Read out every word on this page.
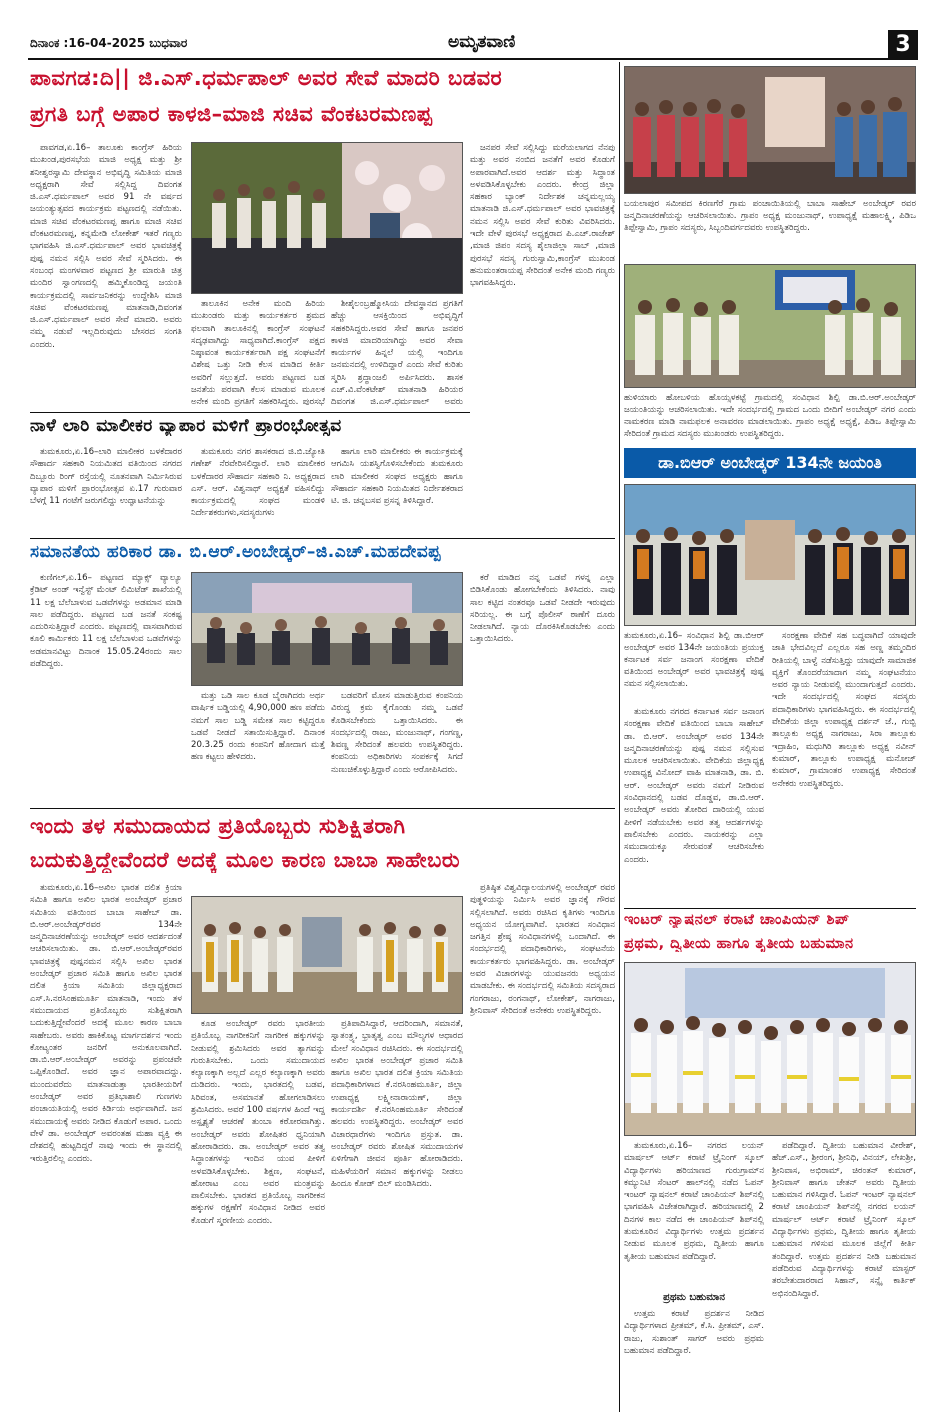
ದಿನಾಂಕ :16-04-2025 ಬುಧವಾರ	ಅಮೃತವಾಣಿ	3
ಪಾವಗಡ:ದಿ|| ಜಿ.ಎಸ್.ಧರ್ಮಪಾಲ್ ಅವರ ಸೇವೆ ಮಾದರಿ ಬಡವರ
ಪ್ರಗತಿ ಬಗ್ಗೆ ಅಪಾರ ಕಾಳಜಿ–ಮಾಜಿ ಸಚಿವ ವೆಂಕಟರಮಣಪ್ಪ

ಪಾವಗಡ,ಏ.16– ತಾಲೂಕು ಕಾಂಗ್ರೆಸ್ ಹಿರಿಯ ಮುಖಂಡ,ಪುರಸಭೆಯ ಮಾಜಿ ಅಧ್ಯಕ್ಷ ಮತ್ತು ಶ್ರೀ ಶನೀಶ್ವರಸ್ವಾಮಿ ದೇವಸ್ಥಾನ ಅಭಿವೃದ್ಧಿ ಸಮಿತಿಯ ಮಾಜಿ ಅಧ್ಯಕ್ಷರಾಗಿ ಸೇವೆ ಸಲ್ಲಿಸಿದ್ದ ದಿವಂಗತ ಜಿ.ಎಸ್.ಧರ್ಮಪಾಲ್ ಅವರ 91 ನೇ ವರ್ಷದ ಜಯಂತ್ಯುತ್ಸವದ ಕಾರ್ಯಕ್ರಮ ಪಟ್ಟಣದಲ್ಲಿ ನಡೆಯಿತು. ಮಾಜಿ ಸಚಿವ ವೆಂಕಟರಮಣಪ್ಪ ಹಾಗೂ ಮಾಜಿ ಸಚಿವ ವೆಂಕಟರಮಣಪ್ಪ, ಕನ್ನಮೇಡಿ ಲೋಕೇಶ್ ಇತರೆ ಗಣ್ಯರು ಭಾಗವಹಿಸಿ ಜಿ.ಎಸ್.ಧರ್ಮಪಾಲ್ ಅವರ ಭಾವಚಿತ್ರಕ್ಕೆ ಪುಷ್ಪ ನಮನ ಸಲ್ಲಿಸಿ ಅವರ ಸೇವೆ ಸ್ಮರಿಸಿದರು. ಈ ಸಂಬಂಧ ಮಂಗಳವಾರ ಪಟ್ಟಣದ ಶ್ರೀ ಮಾರುತಿ ಚಿತ್ರ ಮಂದಿರ ಸ್ವಾಂಗಣದಲ್ಲಿ ಹಮ್ಮಿಕೊಂಡಿದ್ದ ಜಯಂತಿ ಕಾರ್ಯಕ್ರಮದಲ್ಲಿ ಸಾರ್ವಜನಿಕರನ್ನು ಉದ್ದೇಶಿಸಿ ಮಾಜಿ ಸಚಿವ ವೆಂಕಟರಮಣಪ್ಪ ಮಾತನಾಡಿ,ದಿವಂಗತ ಜಿ.ಎಸ್.ಧರ್ಮಪಾಲ್ ಅವರ ಸೇವೆ ಮಾದರಿ. ಅವರು ನಮ್ಮ ನಡುವೆ ಇಲ್ಲದಿರುವುದು ಬೇಸರದ ಸಂಗತಿ ಎಂದರು.

ತಾಲೂಕಿನ ಅನೇಕ ಮಂದಿ ಹಿರಿಯ ಮುಖಂಡರು ಮತ್ತು ಕಾರ್ಯಕರ್ತರ ಶ್ರಮದ ಫಲವಾಗಿ ತಾಲೂಕಿನಲ್ಲಿ ಕಾಂಗ್ರೆಸ್ ಸಂಘಟನೆ ಸದೃಢವಾಗಿದ್ದು ಸಾಧ್ಯವಾಗಿದೆ.ಕಾಂಗ್ರೆಸ್ ಪಕ್ಷದ ನಿಷ್ಠಾವಂತ ಕಾರ್ಯಕರ್ತರಾಗಿ ಪಕ್ಷ ಸಂಘಟನೆಗೆ ವಿಶೇಷ ಒತ್ತು ನೀಡಿ ಕೆಲಸ ಮಾಡಿದ ಕೀರ್ತಿ ಅವರಿಗೆ ಸಲ್ಲುತ್ತದೆ. ಅವರು ಪಟ್ಟಣದ ಬಡ ಜನತೆಯ ಪರವಾಗಿ ಕೆಲಸ ಮಾಡುವ ಮೂಲಕ ಅನೇಕ ಮಂದಿ ಪ್ರಗತಿಗೆ ಸಹಕರಿಸಿದ್ದರು. ಪುರಸಭೆ

ಶೀಶೈಲಂಬ್ರಹ್ಮೋಸಿಯ ದೇವಸ್ಥಾನದ ಪ್ರಗತಿಗೆ ಹೆಚ್ಚು ಆಸಕ್ತಿಯಿಂದ ಅಭಿವೃದ್ಧಿಗೆ ಸಹಕರಿಸಿದ್ದರು.ಅವರ ಸೇವೆ ಹಾಗೂ ಜನಪರ ಕಾಳಜಿ ಮಾದರಿಯಾಗಿದ್ದು ಅವರ ಸೇವಾ ಕಾರ್ಯಗಳ ಹಿನ್ನಲೆ ಯಲ್ಲಿ ಇಂದಿಗೂ ಜನಮನದಲ್ಲಿ ಉಳಿದಿದ್ದಾರೆ ಎಂದು ಸೇವೆ ಕುರಿತು ಸ್ಮರಿಸಿ ಶ್ರದ್ಧಾಂಜಲಿ ಅರ್ಪಿಸಿದರು. ಶಾಸಕ ಎಚ್.ವಿ.ವೆಂಕಟೇಶ್ ಮಾತನಾಡಿ ಹಿರಿಯರ ದಿವಂಗತ ಜಿ.ಎಸ್.ಧರ್ಮಪಾಲ್ ಅವರು

ಜನಪರ ಸೇವೆ ಸಲ್ಲಿಸಿದ್ದು ಮರೆಯಲಾಗದ ನೆನಪು ಮತ್ತು ಅವರ ನಂಬಿದ ಜನತೆಗೆ ಅವರ ಕೊಡುಗೆ ಅಪಾರವಾಗಿದೆ.ಅವರ ಆದರ್ಶ ಮತ್ತು ಸಿದ್ಧಾಂತ ಅಳವಡಿಸಿಕೊಳ್ಳಬೇಕು ಎಂದರು. ಕೇಂದ್ರ ಜಿಲ್ಲಾ ಸಹಕಾರ ಬ್ಯಾಂಕ್ ನಿರ್ದೇಶಕ ಚನ್ನಮಲ್ಲಯ್ಯ ಮಾತನಾಡಿ ಜಿ.ಎಸ್.ಧರ್ಮಪಾಲ್ ಅವರ ಭಾವಚಿತ್ರಕ್ಕೆ ನಮನ ಸಲ್ಲಿಸಿ ಅವರ ಸೇವೆ ಕುರಿತು ವಿವರಿಸಿದರು. ಇದೇ ವೇಳೆ ಪುರಸಭೆ ಅಧ್ಯಕ್ಷರಾದ ಪಿ.ಎಚ್.ರಾಜೇಶ್ ,ಮಾಜಿ ಜಿಪಂ ಸದಸ್ಯ ಶೈಲಾಜಿಲ್ಲಾ ಸಾಬ್ ,ಮಾಜಿ ಪುರಸಭೆ ಸದಸ್ಯ ಗುರುಸ್ವಾಮಿ,ಕಾಂಗ್ರೆಸ್ ಮುಖಂಡ ಹನುಮಂತರಾಯಪ್ಪ ಸೇರಿದಂತೆ ಅನೇಕ ಮಂದಿ ಗಣ್ಯರು ಭಾಗವಹಿಸಿದ್ದರು.

ನಾಳೆ ಲಾರಿ ಮಾಲೀಕರ ವ್ಯಾಪಾರ ಮಳಿಗೆ ಪ್ರಾರಂಭೋತ್ಸವ

ತುಮಕೂರು,ಏ.16–ಲಾರಿ ಮಾಲೀಕರ ಬಳಕೆದಾರರ ಸೌಹಾರ್ದ ಸಹಕಾರಿ ನಿಯಮಿತದ ವತಿಯಿಂದ ನಗರದ ದಿಬ್ಬೂರು ರಿಂಗ್ ರಸ್ತೆಯಲ್ಲಿ ನೂತನವಾಗಿ ನಿರ್ಮಿಸಿರುವ ವ್ಯಾಪಾರ ಮಳಿಗೆ ಪ್ರಾರಂಭೋತ್ಸವ ಏ.17 ಗುರುವಾರ ಬೆಳಗ್ಗೆ 11 ಗಂಟೆಗೆ ಜರುಗಲಿದ್ದು ಉದ್ಘಾಟನೆಯನ್ನು

ತುಮಕೂರು ನಗರ ಶಾಸಕರಾದ ಜಿ.ಬಿ.ಜ್ಯೋತಿ ಗಣೇಶ್ ನೆರವೇರಿಸಲಿದ್ದಾರೆ. ಲಾರಿ ಮಾಲೀಕರ ಬಳಕೆದಾರರ ಸೌಹಾರ್ದ ಸಹಕಾರಿ ನಿ. ಅಧ್ಯಕ್ಷರಾದ ಎಸ್. ಆರ್. ವಿಶ್ವನಾಥ್ ಅಧ್ಯಕ್ಷತೆ ವಹಿಸಲಿದ್ದು ಕಾರ್ಯಕ್ರಮದಲ್ಲಿ ಸಂಘದ ಮಂಡಳಿ ನಿರ್ದೇಶಕರುಗಳು,ಸದಸ್ಯರುಗಳು

ಹಾಗೂ ಲಾರಿ ಮಾಲೀಕರು ಈ ಕಾರ್ಯಕ್ರಮಕ್ಕೆ ಆಗಮಿಸಿ ಯಶಸ್ವಿಗೊಳಿಸಬೇಕೆಂದು ತುಮಕೂರು ಲಾರಿ ಮಾಲೀಕರ ಸಂಘದ ಅಧ್ಯಕ್ಷರು ಹಾಗೂ ಸೌಹಾರ್ದ ಸಹಕಾರಿ ನಿಯಮಿತದ ನಿರ್ದೇಶಕರಾದ ಟಿ. ಜಿ. ಚನ್ನಬಸವ ಪ್ರಸನ್ನ ತಿಳಿಸಿದ್ದಾರೆ.

ಸಮಾನತೆಯ ಹರಿಕಾರ ಡಾ. ಬಿ.ಆರ್.ಅಂಬೇಡ್ಕರ್–ಜಿ.ಎಚ್.ಮಹದೇವಪ್ಪ

ಕುಣಿಗಲ್,ಏ.16– ಪಟ್ಟಣದ ಮ್ಯಾಕ್ಸ್ ವ್ಯಾಲ್ಯೂ ಕ್ರೆಡಿಟ್ ಅಂಡ್ ಇನ್ವೆಸ್ಟ್ ಮೆಂಟ್ ಲಿಮಿಟೆಡ್ ಶಾಖೆಯಲ್ಲಿ 11 ಲಕ್ಷ ಬೆಲೆಬಾಳುವ ಒಡವೆಗಳನ್ನು ಅಡಮಾನ ಮಾಡಿ ಸಾಲ ಪಡೆದಿದ್ದರು. ಪಟ್ಟಣದ ಬಡ ಜನತೆ ಸಂಕಷ್ಟ ಎದುರಿಸುತ್ತಿದ್ದಾರೆ ಎಂದರು. ಪಟ್ಟಣದಲ್ಲಿ ವಾಸವಾಗಿರುವ ಕೂಲಿ ಕಾರ್ಮಿಕರು 11 ಲಕ್ಷ ಬೆಲೆಬಾಳುವ ಒಡವೆಗಳನ್ನು ಅಡಮಾನವಿಟ್ಟು ದಿನಾಂಕ 15.05.24ರಂದು ಸಾಲ ಪಡೆದಿದ್ದರು.

ಮತ್ತು ಒಡಿ ಸಾಲ ಕೂಡ ಬೈರಾಗಿದರು ಅರ್ಥ ವಾರ್ಷಿಕ ಬಡ್ಡಿಯಲ್ಲಿ 4,90,000 ಹಣ ಪಡೆದು ನಮಗೆ ಸಾಲ ಬಡ್ಡಿ ಸಮೇತ ಸಾಲ ಕಟ್ಟಿದ್ದರೂ ಒಡವೆ ನೀಡದೆ ಸತಾಯಿಸುತ್ತಿದ್ದಾರೆ. ದಿನಾಂಕ 20.3.25 ರಂದು ಕಂಪನಿಗೆ ಹೋದಾಗ ಮತ್ತೆ ಹಣ ಕಟ್ಟಲು ಹೇಳಿದರು.

ಬಡವರಿಗೆ ಮೋಸ ಮಾಡುತ್ತಿರುವ ಕಂಪನಿಯ ವಿರುದ್ಧ ಕ್ರಮ ಕೈಗೊಂಡು ನಮ್ಮ ಒಡವೆ ಕೊಡಿಸಬೇಕೆಂದು ಒತ್ತಾಯಿಸಿದರು. ಈ ಸಂದರ್ಭದಲ್ಲಿ ರಾಜು, ಮಂಜುನಾಥ್, ಗಂಗಣ್ಣ, ಶಿವಣ್ಣ ಸೇರಿದಂತೆ ಹಲವರು ಉಪಸ್ಥಿತರಿದ್ದರು. ಕಂಪನಿಯ ಅಧಿಕಾರಿಗಳು ಸಂಪರ್ಕಕ್ಕೆ ಸಿಗದೆ ನುಣುಚಿಕೊಳ್ಳುತ್ತಿದ್ದಾರೆ ಎಂದು ಆರೋಪಿಸಿದರು.

ಕರೆ ಮಾಡಿದ ನನ್ನ ಒಡವೆ ಗಳನ್ನ ಎಲ್ಲಾ ಬಿಡಿಸಿಕೊಂಡು ಹೋಗಬೇಕೆಂದು ತಿಳಿಸಿದರು. ನಾವು ಸಾಲ ಕಟ್ಟಿದ ನಂತರವೂ ಒಡವೆ ನೀಡದೇ ಇರುವುದು ಸರಿಯಲ್ಲ. ಈ ಬಗ್ಗೆ ಪೊಲೀಸ್ ಠಾಣೆಗೆ ದೂರು ನೀಡಲಾಗಿದೆ. ನ್ಯಾಯ ದೊರಕಿಸಿಕೊಡಬೇಕು ಎಂದು ಒತ್ತಾಯಿಸಿದರು.

ಇಂದು ತಳ ಸಮುದಾಯದ ಪ್ರತಿಯೊಬ್ಬರು ಸುಶಿಕ್ಷಿತರಾಗಿ
ಬದುಕುತ್ತಿದ್ದೇವೆಂದರೆ ಅದಕ್ಕೆ ಮೂಲ ಕಾರಣ ಬಾಬಾ ಸಾಹೇಬರು

ತುಮಕೂರು,ಏ.16–ಅಖಿಲ ಭಾರತ ದಲಿತ ಕ್ರಿಯಾ ಸಮಿತಿ ಹಾಗೂ ಅಖಿಲ ಭಾರತ ಅಂಬೇಡ್ಕರ್ ಪ್ರಚಾರ ಸಮಿತಿಯ ವತಿಯಿಂದ ಬಾಬಾ ಸಾಹೇಬ್ ಡಾ. ಬಿ.ಆರ್.ಅಂಬೇಡ್ಕರ್‌ರವರ 134ನೇ ಜನ್ಮದಿನಾಚರಣೆಯನ್ನು ಅಂಬೇಡ್ಕರ್ ಅವರ ಆದರ್ಶದಂತೆ ಆಚರಿಸಲಾಯಿತು. ಡಾ. ಬಿ.ಆರ್.ಅಂಬೇಡ್ಕರ್‌ರವರ ಭಾವಚಿತ್ರಕ್ಕೆ ಪುಷ್ಪನಮನ ಸಲ್ಲಿಸಿ ಅಖಿಲ ಭಾರತ ಅಂಬೇಡ್ಕರ್ ಪ್ರಚಾರ ಸಮಿತಿ ಹಾಗೂ ಅಖಿಲ ಭಾರತ ದಲಿತ ಕ್ರಿಯಾ ಸಮಿತಿಯ ಜಿಲ್ಲಾಧ್ಯಕ್ಷರಾದ ಎಸ್.ಸಿ.ನರಸಿಂಹಮೂರ್ತಿ ಮಾತನಾಡಿ, ಇಂದು ತಳ ಸಮುದಾಯದ ಪ್ರತಿಯೊಬ್ಬರು ಸುಶಿಕ್ಷಿತರಾಗಿ ಬದುಕುತ್ತಿದ್ದೇವೆಂದರೆ ಅದಕ್ಕೆ ಮೂಲ ಕಾರಣ ಬಾಬಾ ಸಾಹೇಬರು. ಅವರು ಹಾಕಿಕೊಟ್ಟ ಮಾರ್ಗದರ್ಶನ ಇಂದು ಕೋಟ್ಯಂತರ ಜನರಿಗೆ ಅನುಕೂಲವಾಗಿದೆ. ಡಾ.ಬಿ.ಆರ್.ಅಂಬೇಡ್ಕರ್ ಅವರನ್ನು ಪ್ರಪಂಚವೇ ಒಪ್ಪಿಕೊಂಡಿದೆ. ಅವರ ಜ್ಞಾನ ಅಪಾರವಾದದ್ದು. ಮುಂದುವರೆದು ಮಾತನಾಡುತ್ತಾ ಭಾರತೀಯರಿಗೆ ಅಂಬೇಡ್ಕರ್ ಅವರ ಪ್ರತಿಭಾಶಾಲಿ ಗುಣಗಳು ಪಂಚಾಯತಿಯಲ್ಲಿ ಅವರ ಕಿರ್ಡಿಯ ಅರ್ಥವಾಗಿದೆ. ಜನ ಸಮುದಾಯಕ್ಕೆ ಅವರು ನೀಡಿದ ಕೊಡುಗೆ ಅಪಾರ. ಒಂದು ವೇಳೆ ಡಾ. ಅಂಬೇಡ್ಕರ್ ಅವರಂತಹ ಮಹಾ ವ್ಯಕ್ತಿ ಈ ದೇಶದಲ್ಲಿ ಹುಟ್ಟದಿದ್ದರೆ ನಾವು ಇಂದು ಈ ಸ್ಥಾನದಲ್ಲಿ ಇರುತ್ತಿರಲಿಲ್ಲ ಎಂದರು.

ಕೂಡ ಅಂಬೇಡ್ಕರ್ ರವರು ಭಾರತೀಯ ಪ್ರತಿಯೊಬ್ಬ ನಾಗರೀಕನಿಗೆ ನಾಗರೀಕ ಹಕ್ಕುಗಳನ್ನು ನೀಡುವಲ್ಲಿ ಶ್ರಮಿಸಿದರು ಅವರ ತ್ಯಾಗವನ್ನು ಗುರುತಿಸಬೇಕು. ಒಂದು ಸಮುದಾಯದ ಕಲ್ಯಾಣಕ್ಕಾಗಿ ಅಲ್ಲದೆ ಎಲ್ಲರ ಕಲ್ಯಾಣಕ್ಕಾಗಿ ಅವರು ದುಡಿದರು. ಇಂದು, ಭಾರತದಲ್ಲಿ ಬಡವ, ಸಿರಿವಂತ, ಅಸಮಾನತೆ ಹೋಗಲಾಡಿಸಲು ಶ್ರಮಿಸಿದರು. ಅವರೆ 100 ವರ್ಷಗಳ ಹಿಂದೆ ಇದ್ದ ಅಸ್ಪೃಶ್ಯತೆ ಆಚರಣೆ ತುಂಬಾ ಕಠೋರವಾಗಿತ್ತು. ಅಂಬೇಡ್ಕರ್ ಅವರು ಶೋಷಿತರ ಧ್ವನಿಯಾಗಿ ಹೋರಾಡಿದರು. ಡಾ. ಅಂಬೇಡ್ಕರ್ ಅವರ ತತ್ವ ಸಿದ್ಧಾಂತಗಳನ್ನು ಇಂದಿನ ಯುವ ಪೀಳಿಗೆ ಅಳವಡಿಸಿಕೊಳ್ಳಬೇಕು. ಶಿಕ್ಷಣ, ಸಂಘಟನೆ, ಹೋರಾಟ ಎಂಬ ಅವರ ಮಂತ್ರವನ್ನು ಪಾಲಿಸಬೇಕು. ಭಾರತದ ಪ್ರತಿಯೊಬ್ಬ ನಾಗರೀಕನ ಹಕ್ಕುಗಳ ರಕ್ಷಣೆಗೆ ಸಂವಿಧಾನ ನೀಡಿದ ಅವರ ಕೊಡುಗೆ ಸ್ಮರಣೀಯ ಎಂದರು.

ಪ್ರತಿಪಾದಿಸಿದ್ದಾರೆ, ಆದರಿಂದಾಗಿ, ಸಮಾನತೆ, ಸ್ವಾತಂತ್ರ್ಯ, ಭ್ರಾತೃತ್ವ ಎಂಬ ಮೌಲ್ಯಗಳ ಆಧಾರದ ಮೇಲೆ ಸಂವಿಧಾನ ರಚಿಸಿದರು. ಈ ಸಂದರ್ಭದಲ್ಲಿ ಅಖಿಲ ಭಾರತ ಅಂಬೇಡ್ಕರ್ ಪ್ರಚಾರ ಸಮಿತಿ ಹಾಗೂ ಅಖಿಲ ಭಾರತ ದಲಿತ ಕ್ರಿಯಾ ಸಮಿತಿಯ ಪದಾಧಿಕಾರಿಗಳಾದ ಕೆ.ನರಸಿಂಹಮೂರ್ತಿ, ಜಿಲ್ಲಾ ಉಪಾಧ್ಯಕ್ಷ ಲಕ್ಷ್ಮೀನಾರಾಯಣ್, ಜಿಲ್ಲಾ ಕಾರ್ಯದರ್ಶಿ ಕೆ.ನರಸಿಂಹಮೂರ್ತಿ ಸೇರಿದಂತೆ ಹಲವರು ಉಪಸ್ಥಿತರಿದ್ದರು. ಅಂಬೇಡ್ಕರ್ ಅವರ ವಿಚಾರಧಾರೆಗಳು ಇಂದಿಗೂ ಪ್ರಸ್ತುತ. ಡಾ. ಅಂಬೇಡ್ಕರ್ ರವರು ಶೋಷಿತ ಸಮುದಾಯಗಳ ಏಳಿಗೆಗಾಗಿ ಜೀವನ ಪೂರ್ತಿ ಹೋರಾಡಿದರು. ಮಹಿಳೆಯರಿಗೆ ಸಮಾನ ಹಕ್ಕುಗಳನ್ನು ನೀಡಲು ಹಿಂದೂ ಕೋಡ್ ಬಿಲ್ ಮಂಡಿಸಿದರು.

ಪ್ರತಿಷ್ಠಿತ ವಿಶ್ವವಿದ್ಯಾಲಯಗಳಲ್ಲಿ ಅಂಬೇಡ್ಕರ್ ರವರ ಪುತ್ಥಳಿಯನ್ನು ನಿರ್ಮಿಸಿ ಅವರ ಜ್ಞಾನಕ್ಕೆ ಗೌರವ ಸಲ್ಲಿಸಲಾಗಿದೆ. ಅವರು ರಚಿಸಿದ ಕೃತಿಗಳು ಇಂದಿಗೂ ಅಧ್ಯಯನ ಯೋಗ್ಯವಾಗಿವೆ. ಭಾರತದ ಸಂವಿಧಾನ ಜಗತ್ತಿನ ಶ್ರೇಷ್ಠ ಸಂವಿಧಾನಗಳಲ್ಲಿ ಒಂದಾಗಿದೆ. ಈ ಸಂದರ್ಭದಲ್ಲಿ ಪದಾಧಿಕಾರಿಗಳು, ಸಂಘಟನೆಯ ಕಾರ್ಯಕರ್ತರು ಭಾಗವಹಿಸಿದ್ದರು. ಡಾ. ಅಂಬೇಡ್ಕರ್ ಅವರ ವಿಚಾರಗಳನ್ನು ಯುವಜನರು ಅಧ್ಯಯನ ಮಾಡಬೇಕು. ಈ ಸಂದರ್ಭದಲ್ಲಿ ಸಮಿತಿಯ ಸದಸ್ಯರಾದ ಗಂಗರಾಜು, ರಂಗನಾಥ್, ಲೋಕೇಶ್, ನಾಗರಾಜು, ಶ್ರೀನಿವಾಸ್ ಸೇರಿದಂತೆ ಅನೇಕರು ಉಪಸ್ಥಿತರಿದ್ದರು.

ಬಯಲಾಪುರ ಸಮೀಪದ ಕಿರಣಗೆರೆ ಗ್ರಾಮ ಪಂಚಾಯಿತಿಯಲ್ಲಿ ಬಾಬಾ ಸಾಹೇಬ್ ಅಂಬೇಡ್ಕರ್ ರವರ ಜನ್ಮದಿನಾಚರಣೆಯನ್ನು ಆಚರಿಸಲಾಯಿತು. ಗ್ರಾಪಂ ಅಧ್ಯಕ್ಷ ಮಂಜುನಾಥ್, ಉಪಾಧ್ಯಕ್ಷೆ ಮಹಾಲಕ್ಷ್ಮಿ, ಪಿಡಿಒ ತಿಪ್ಪೇಸ್ವಾಮಿ, ಗ್ರಾಪಂ ಸದಸ್ಯರು, ಸಿಬ್ಬಂದಿವರ್ಗದವರು ಉಪಸ್ಥಿತರಿದ್ದರು.
ಹುಳಿಯಾರು ಹೋಬಳಿಯ ಹೊಯ್ಸಳಕಟ್ಟೆ ಗ್ರಾಮದಲ್ಲಿ ಸಂವಿಧಾನ ಶಿಲ್ಪಿ ಡಾ.ಬಿ.ಆರ್.ಅಂಬೇಡ್ಕರ್ ಜಯಂತಿಯನ್ನು ಆಚರಿಸಲಾಯಿತು. ಇದೇ ಸಂದರ್ಭದಲ್ಲಿ ಗ್ರಾಮದ ಒಂದು ಬೀದಿಗೆ ಅಂಬೇಡ್ಕರ್ ನಗರ ಎಂದು ನಾಮಕರಣ ಮಾಡಿ ನಾಮಫಲಕ ಅನಾವರಣ ಮಾಡಲಾಯಿತು. ಗ್ರಾಪಂ ಅಧ್ಯಕ್ಷೆ ಅಧ್ಯಕ್ಷೆ, ಪಿಡಿಒ ತಿಪ್ಪೇಸ್ವಾಮಿ ಸೇರಿದಂತೆ ಗ್ರಾಮದ ಸದಸ್ಯರು ಮುಖಂಡರು ಉಪಸ್ಥಿತರಿದ್ದರು.
ಡಾ.ಬಿಆರ್ ಅಂಬೇಡ್ಕರ್ 134ನೇ ಜಯಂತಿ
ತುಮಕೂರು,ಏ.16– ಸಂವಿಧಾನ ಶಿಲ್ಪಿ ಡಾ.ಬಿಆರ್ ಅಂಬೇಡ್ಕರ್ ಅವರ 134ನೇ ಜಯಂತಿಯ ಪ್ರಯುಕ್ತ ಕರ್ನಾಟಕ ಸರ್ವ ಜನಾಂಗ ಸಂರಕ್ಷಣಾ ವೇದಿಕೆ ವತಿಯಿಂದ ಅಂಬೇಡ್ಕರ್ ಅವರ ಭಾವಚಿತ್ರಕ್ಕೆ ಪುಷ್ಪ ನಮನ ಸಲ್ಲಿಸಲಾಯಿತು.

ತುಮಕೂರು ನಗರದ ಕರ್ನಾಟಕ ಸರ್ವ ಜನಾಂಗ ಸಂರಕ್ಷಣಾ ವೇದಿಕೆ ವತಿಯಿಂದ ಬಾಬಾ ಸಾಹೇಬ್ ಡಾ. ಬಿ.ಆರ್. ಅಂಬೇಡ್ಕರ್ ಅವರ 134ನೇ ಜನ್ಮದಿನಾಚರಣೆಯನ್ನು ಪುಷ್ಪ ನಮನ ಸಲ್ಲಿಸುವ ಮೂಲಕ ಆಚರಿಸಲಾಯಿತು. ವೇದಿಕೆಯ ಜಿಲ್ಲಾಧ್ಯಕ್ಷ ಉಪಾಧ್ಯಕ್ಷ ವಿನೋದ್ ವಾಹಿ ಮಾತನಾಡಿ, ಡಾ. ಬಿ. ಆರ್. ಅಂಬೇಡ್ಕರ್ ಅವರು ನಮಗೆ ನೀಡಿರುವ ಸಂವಿಧಾನದಲ್ಲಿ ಬಡವ ದೊಡ್ಡವ, ಡಾ.ಬಿ.ಆರ್. ಅಂಬೇಡ್ಕರ್ ಅವರು ತೋರಿದ ದಾರಿಯಲ್ಲಿ ಯುವ ಪೀಳಿಗೆ ನಡೆಯಬೇಕು ಅವರ ತತ್ವ ಆದರ್ಶಗಳನ್ನು ಪಾಲಿಸಬೇಕು ಎಂದರು. ನಾಯಕರನ್ನು ಎಲ್ಲಾ ಸಮುದಾಯಕ್ಕೂ ಸೇರುವಂತೆ ಆಚರಿಸಬೇಕು ಎಂದರು.

ಸಂರಕ್ಷಣಾ ವೇದಿಕೆ ಸಹ ಬದ್ಧವಾಗಿದೆ ಯಾವುದೇ ಜಾತಿ ಭೇದವಿಲ್ಲದೆ ಎಲ್ಲರೂ ಸಹ ಅಣ್ಣ ತಮ್ಮಂದಿರ ರೀತಿಯಲ್ಲಿ ಬಾಳ್ವೆ ನಡೆಸುತ್ತಿದ್ದು ಯಾವುದೇ ಸಾಮಾಜಿಕ ವ್ಯಕ್ತಿಗೆ ತೊಂದರೆಯಾದಾಗ ನಮ್ಮ ಸಂಘಟನೆಯು ಅವರ ನ್ಯಾಯ ನೀಡುವಲ್ಲಿ ಮುಂದಾಗುತ್ತದೆ ಎಂದರು. ಇದೇ ಸಂದರ್ಭದಲ್ಲಿ ಸಂಘದ ಸದಸ್ಯರು ಪದಾಧಿಕಾರಿಗಳು ಭಾಗವಹಿಸಿದ್ದರು. ಈ ಸಂದರ್ಭದಲ್ಲಿ ವೇದಿಕೆಯ ಜಿಲ್ಲಾ ಉಪಾಧ್ಯಕ್ಷ ದರ್ಶನ್ ಜೆ., ಗುಬ್ಬಿ ತಾಲ್ಲೂಕು ಅಧ್ಯಕ್ಷ ನಾಗರಾಜು, ಸಿರಾ ತಾಲ್ಲೂಕು ಇದ್ರಾಹಿಂ, ಮಧುಗಿರಿ ತಾಲ್ಲೂಕು ಅಧ್ಯಕ್ಷ ನವೀನ್ ಕುಮಾರ್, ತಾಲ್ಲೂಕು ಉಪಾಧ್ಯಕ್ಷ ಮನೋಜ್ ಕುಮಾರ್, ಗ್ರಾಮಾಂತರ ಉಪಾಧ್ಯಕ್ಷ ಸೇರಿದಂತೆ ಅನೇಕರು ಉಪಸ್ಥಿತರಿದ್ದರು.

ಇಂಟರ್ ನ್ಯಾಷನಲ್ ಕರಾಟೆ ಚಾಂಪಿಯನ್ ಶಿಪ್
ಪ್ರಥಮ, ದ್ವಿತೀಯ ಹಾಗೂ ತೃತೀಯ ಬಹುಮಾನ

ತುಮಕೂರು,ಏ.16– ನಗರದ ಲಯನ್ ಮಾರ್ಷಲ್ ಆರ್ಟ್ ಕರಾಟೆ ಟ್ರೈನಿಂಗ್ ಸ್ಕೂಲ್ ವಿದ್ಯಾರ್ಥಿಗಳು ಹರಿಯಾಣದ ಗುರುಗ್ರಾಮ್‌ನ ಕಮ್ಯುನಿಟಿ ಸೆಂಟರ್ ಹಾಲ್‌ನಲ್ಲಿ ನಡೆದ ಓಪನ್ ಇಂಟರ್ ನ್ಯಾಷನಲ್ ಕರಾಟೆ ಚಾಂಪಿಯನ್ ಶಿಪ್‌ನಲ್ಲಿ ಭಾಗವಹಿಸಿ ವಿಜೇತರಾಗಿದ್ದಾರೆ. ಹರಿಯಾಣದಲ್ಲಿ 2 ದಿನಗಳ ಕಾಲ ನಡೆದ ಈ ಚಾಂಪಿಯನ್ ಶಿಪ್‌ನಲ್ಲಿ ತುಮಕೂರಿನ ವಿದ್ಯಾರ್ಥಿಗಳು ಉತ್ತಮ ಪ್ರದರ್ಶನ ನೀಡುವ ಮೂಲಕ ಪ್ರಥಮ, ದ್ವಿತೀಯ ಹಾಗೂ ತೃತೀಯ ಬಹುಮಾನ ಪಡೆದಿದ್ದಾರೆ.

ಪ್ರಥಮ ಬಹುಮಾನ

ಉತ್ತಮ ಕರಾಟೆ ಪ್ರದರ್ಶನ ನೀಡಿದ ವಿದ್ಯಾರ್ಥಿಗಳಾದ ಪ್ರೀತಮ್, ಕೆ.ಸಿ. ಪ್ರೀತಮ್, ಎಸ್. ರಾಜು, ಸುಶಾಂತ್ ಸಾಗರ್ ಅವರು ಪ್ರಥಮ ಬಹುಮಾನ ಪಡೆದಿದ್ದಾರೆ.

ಪಡೆದಿದ್ದಾರೆ. ದ್ವಿತೀಯ ಬಹುಮಾನ ವೀರೇಶ್, ಹೆಚ್.ಎಸ್., ಶ್ರೀರಂಗ, ಶ್ರೀನಿಧಿ, ವಿನಯ್, ಲೇಖಶ್ರೀ, ಶ್ರೀನಿವಾಸ, ಅಭಿರಾಮ್, ಚಿರಂತನ್ ಕುಮಾರ್, ಶ್ರೀನಿವಾಸ್ ಹಾಗೂ ಚೇತನ್ ಅವರು ದ್ವಿತೀಯ ಬಹುಮಾನ ಗಳಿಸಿದ್ದಾರೆ. ಓಪನ್ ಇಂಟರ್ ನ್ಯಾಷನಲ್ ಕರಾಟೆ ಚಾಂಪಿಯನ್ ಶಿಪ್‌ನಲ್ಲಿ ನಗರದ ಲಯನ್ ಮಾರ್ಷಲ್ ಆರ್ಟ್ ಕರಾಟೆ ಟ್ರೈನಿಂಗ್ ಸ್ಕೂಲ್ ವಿದ್ಯಾರ್ಥಿಗಳು ಪ್ರಥಮ, ದ್ವಿತೀಯ ಹಾಗೂ ತೃತೀಯ ಬಹುಮಾನ ಗಳಿಸುವ ಮೂಲಕ ಜಿಲ್ಲೆಗೆ ಕೀರ್ತಿ ತಂದಿದ್ದಾರೆ. ಉತ್ತಮ ಪ್ರದರ್ಶನ ನೀಡಿ ಬಹುಮಾನ ಪಡೆದಿರುವ ವಿದ್ಯಾರ್ಥಿಗಳನ್ನು ಕರಾಟೆ ಮಾಸ್ಟರ್ ತರಬೇತುದಾರರಾದ ಸಿಹಾನ್, ಸನ್ಸೈ ಕಾರ್ತಿಕ್ ಅಭಿನಂದಿಸಿದ್ದಾರೆ.
